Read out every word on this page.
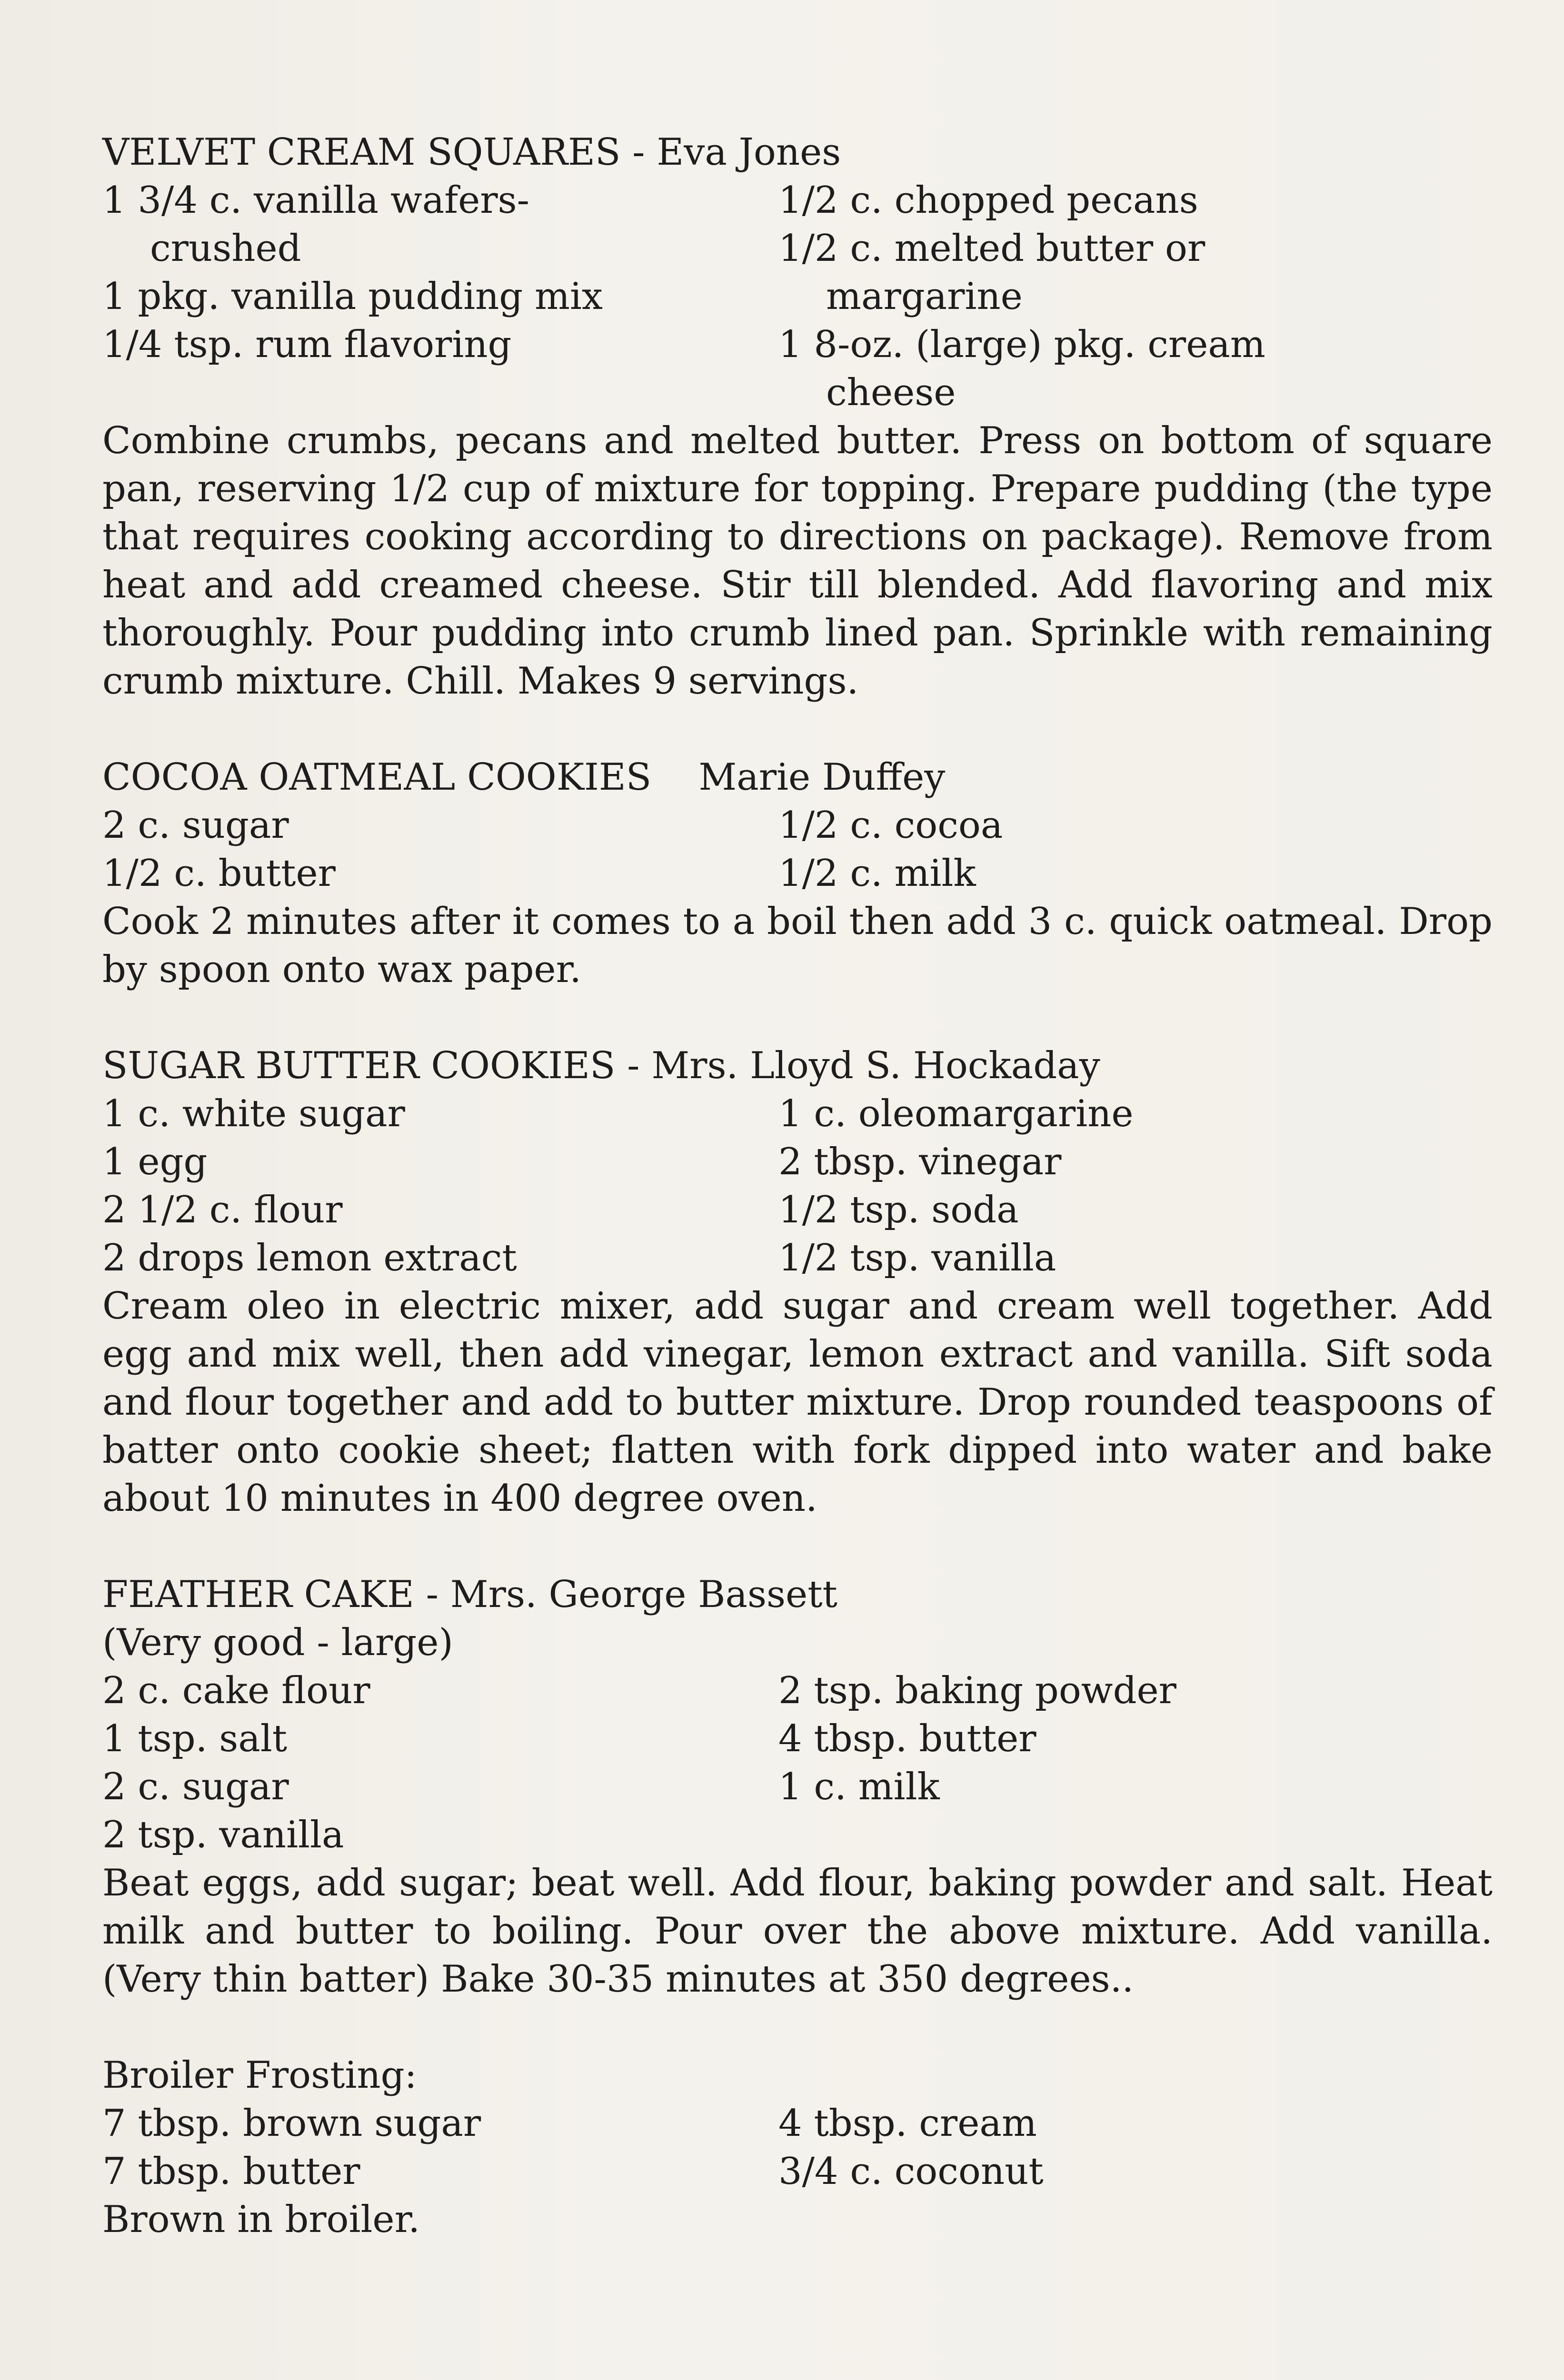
VELVET CREAM SQUARES - Eva Jones
1 3/4 c. vanilla wafers-	1/2 c. chopped pecans
crushed	1/2 c. melted butter or
1 pkg. vanilla pudding mix	margarine
1/4 tsp. rum flavoring	1 8-oz. (large) pkg. cream
cheese
Combine crumbs, pecans and melted butter. Press on bottom of square pan, reserving 1/2 cup of mixture for topping. Prepare pudding (the type that requires cooking according to directions on package). Remove from heat and add creamed cheese. Stir till blended. Add flavoring and mix thoroughly. Pour pudding into crumb lined pan. Sprinkle with remaining crumb mixture. Chill. Makes 9 servings.
COCOA OATMEAL COOKIES    Marie Duffey
2 c. sugar	1/2 c. cocoa
1/2 c. butter	1/2 c. milk
Cook 2 minutes after it comes to a boil then add 3 c. quick oatmeal. Drop by spoon onto wax paper.
SUGAR BUTTER COOKIES - Mrs. Lloyd S. Hockaday
1 c. white sugar	1 c. oleomargarine
1 egg	2 tbsp. vinegar
2 1/2 c. flour	1/2 tsp. soda
2 drops lemon extract	1/2 tsp. vanilla
Cream oleo in electric mixer, add sugar and cream well together. Add egg and mix well, then add vinegar, lemon extract and vanilla. Sift soda and flour together and add to butter mixture. Drop rounded teaspoons of batter onto cookie sheet; flatten with fork dipped into water and bake about 10 minutes in 400 degree oven.
FEATHER CAKE - Mrs. George Bassett
(Very good - large)
2 c. cake flour	2 tsp. baking powder
1 tsp. salt	4 tbsp. butter
2 c. sugar	1 c. milk
2 tsp. vanilla
Beat eggs, add sugar; beat well. Add flour, baking powder and salt. Heat milk and butter to boiling. Pour over the above mixture. Add vanilla. (Very thin batter) Bake 30-35 minutes at 350 degrees..
Broiler Frosting:
7 tbsp. brown sugar	4 tbsp. cream
7 tbsp. butter	3/4 c. coconut
Brown in broiler.
